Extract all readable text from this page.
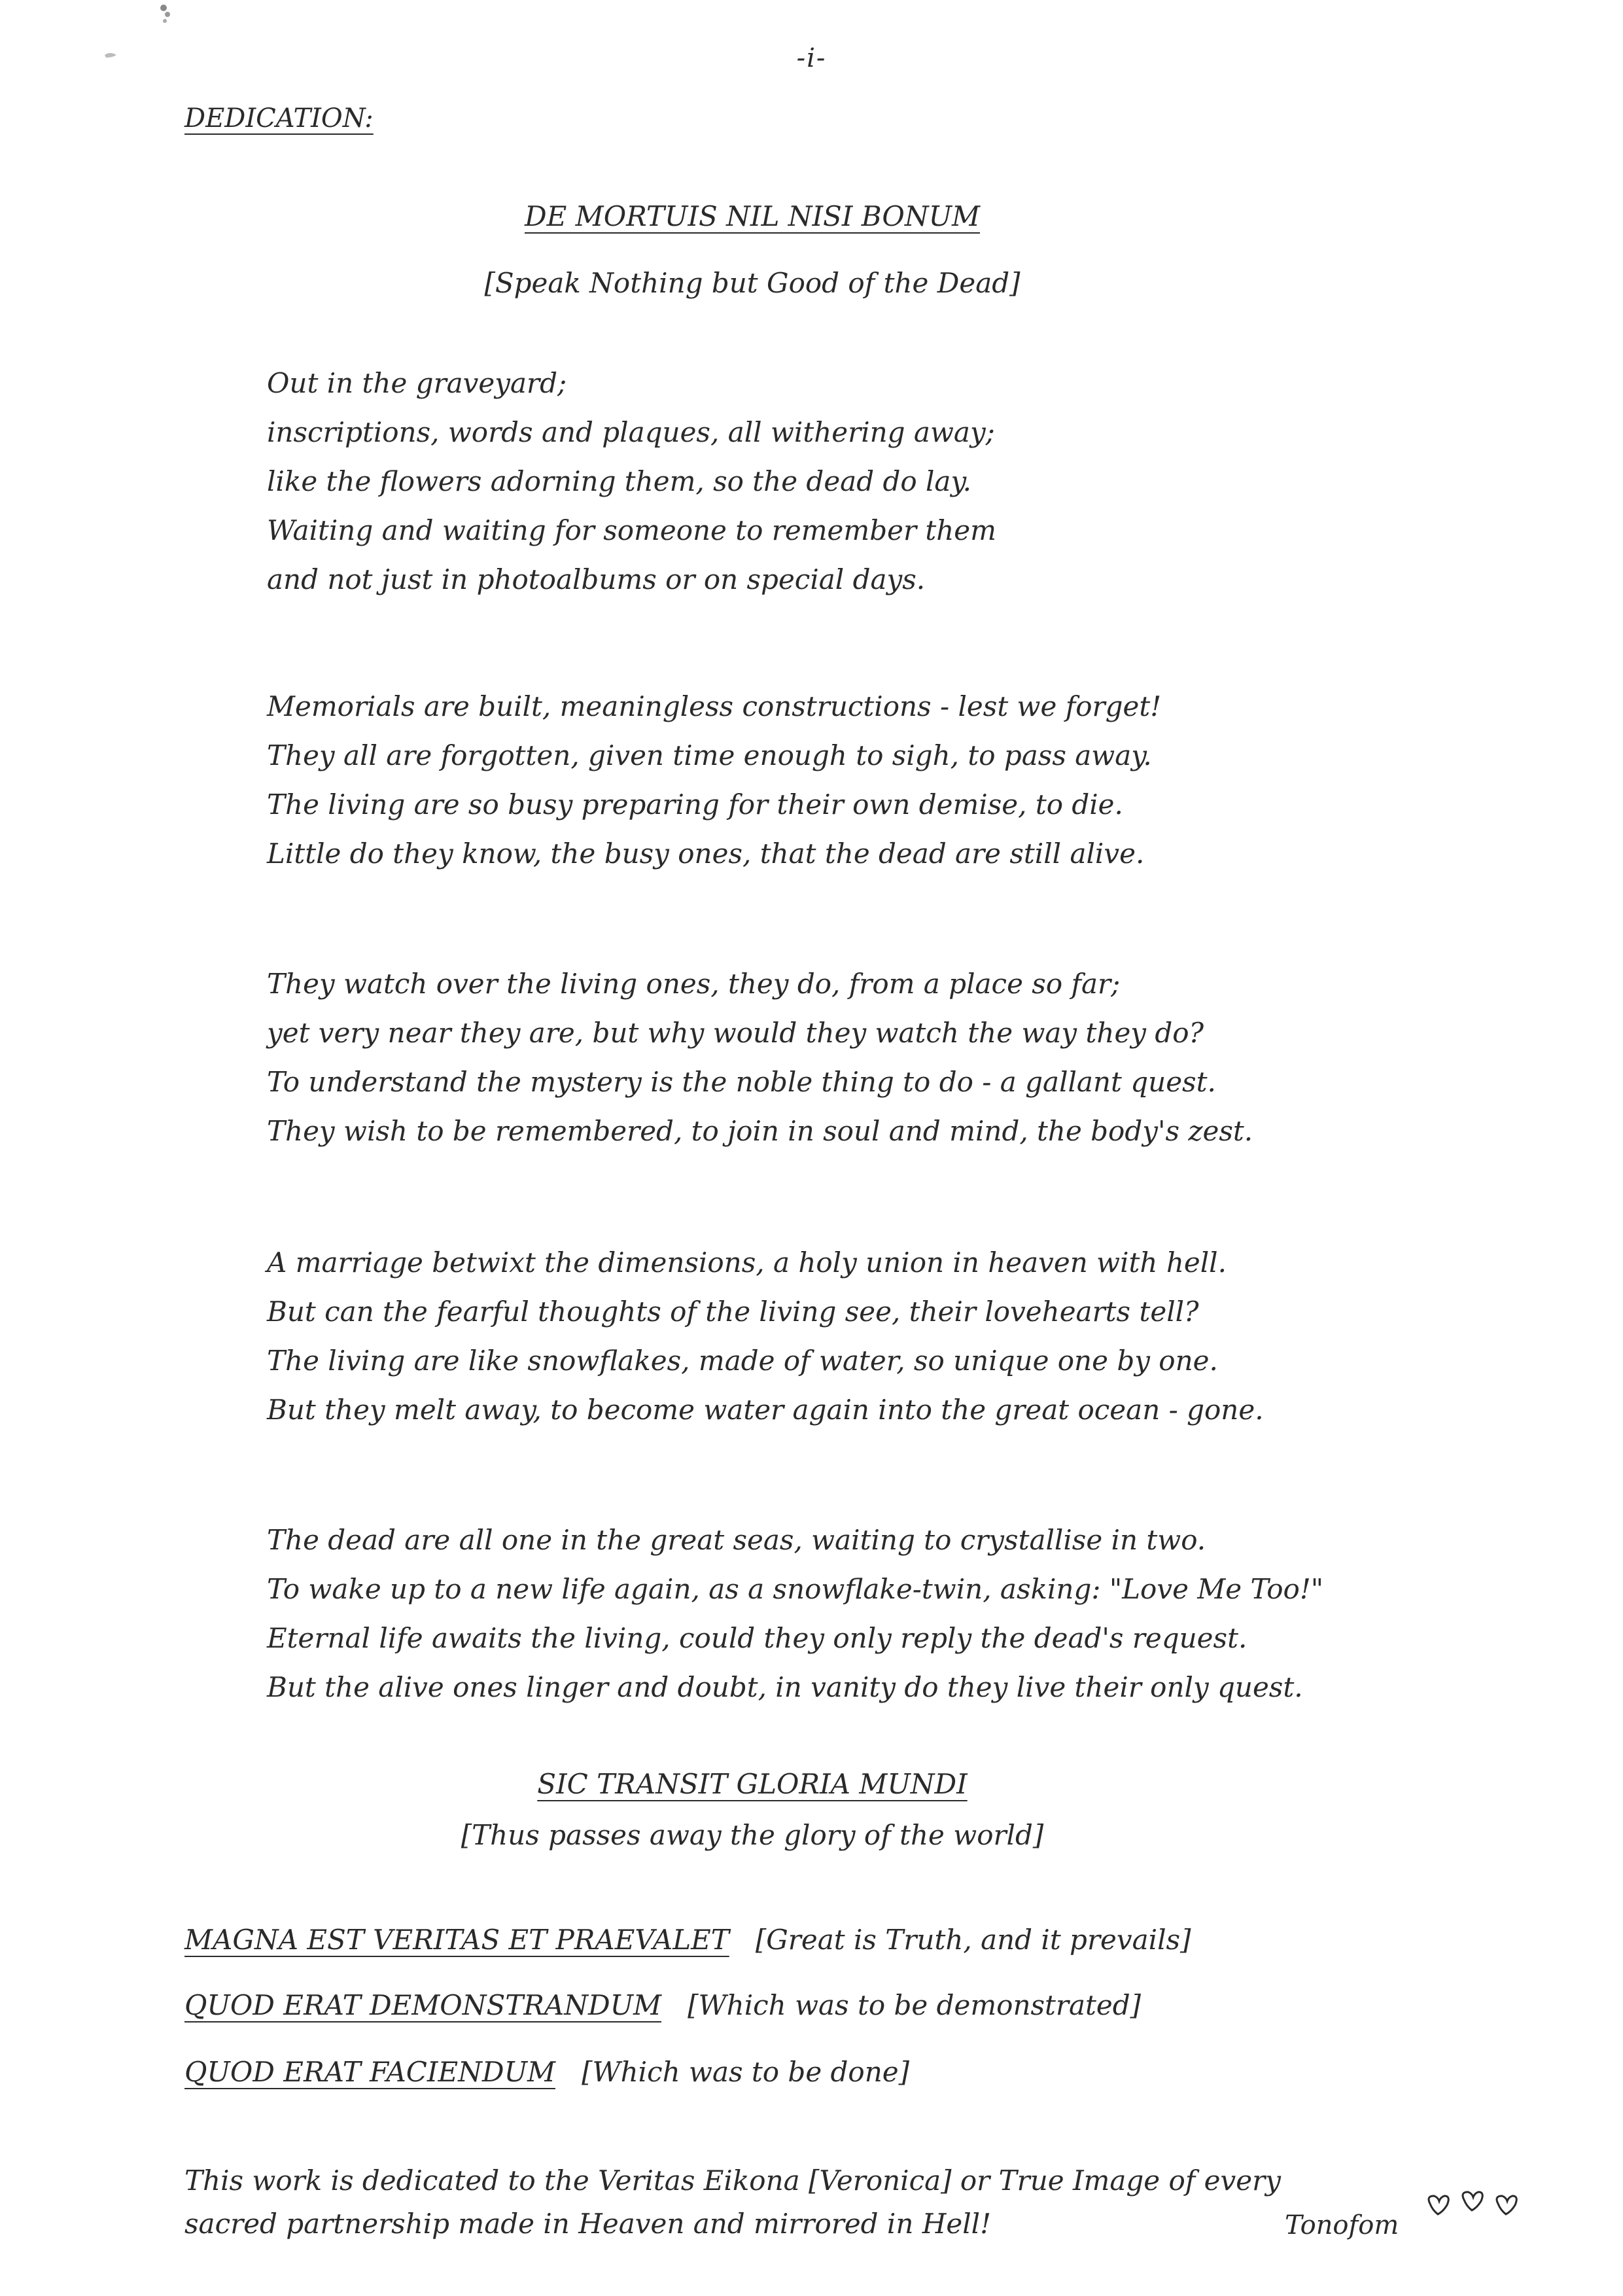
-i-
DEDICATION:
DE MORTUIS NIL NISI BONUM
[Speak Nothing but Good of the Dead]
Out in the graveyard;
inscriptions, words and plaques, all withering away;
like the flowers adorning them, so the dead do lay.
Waiting and waiting for someone to remember them
and not just in photoalbums or on special days.
Memorials are built, meaningless constructions - lest we forget!
They all are forgotten, given time enough to sigh, to pass away.
The living are so busy preparing for their own demise, to die.
Little do they know, the busy ones, that the dead are still alive.
They watch over the living ones, they do, from a place so far;
yet very near they are, but why would they watch the way they do?
To understand the mystery is the noble thing to do - a gallant quest.
They wish to be remembered, to join in soul and mind, the body's zest.
A marriage betwixt the dimensions, a holy union in heaven with hell.
But can the fearful thoughts of the living see, their lovehearts tell?
The living are like snowflakes, made of water, so unique one by one.
But they melt away, to become water again into the great ocean - gone.
The dead are all one in the great seas, waiting to crystallise in two.
To wake up to a new life again, as a snowflake-twin, asking: "Love Me Too!"
Eternal life awaits the living, could they only reply the dead's request.
But the alive ones linger and doubt, in vanity do they live their only quest.
SIC TRANSIT GLORIA MUNDI
[Thus passes away the glory of the world]
MAGNA EST VERITAS ET PRAEVALET [Great is Truth, and it prevails]
QUOD ERAT DEMONSTRANDUM [Which was to be demonstrated]
QUOD ERAT FACIENDUM [Which was to be done]
This work is dedicated to the Veritas Eikona [Veronica] or True Image of every
sacred partnership made in Heaven and mirrored in Hell!	Tonofom
